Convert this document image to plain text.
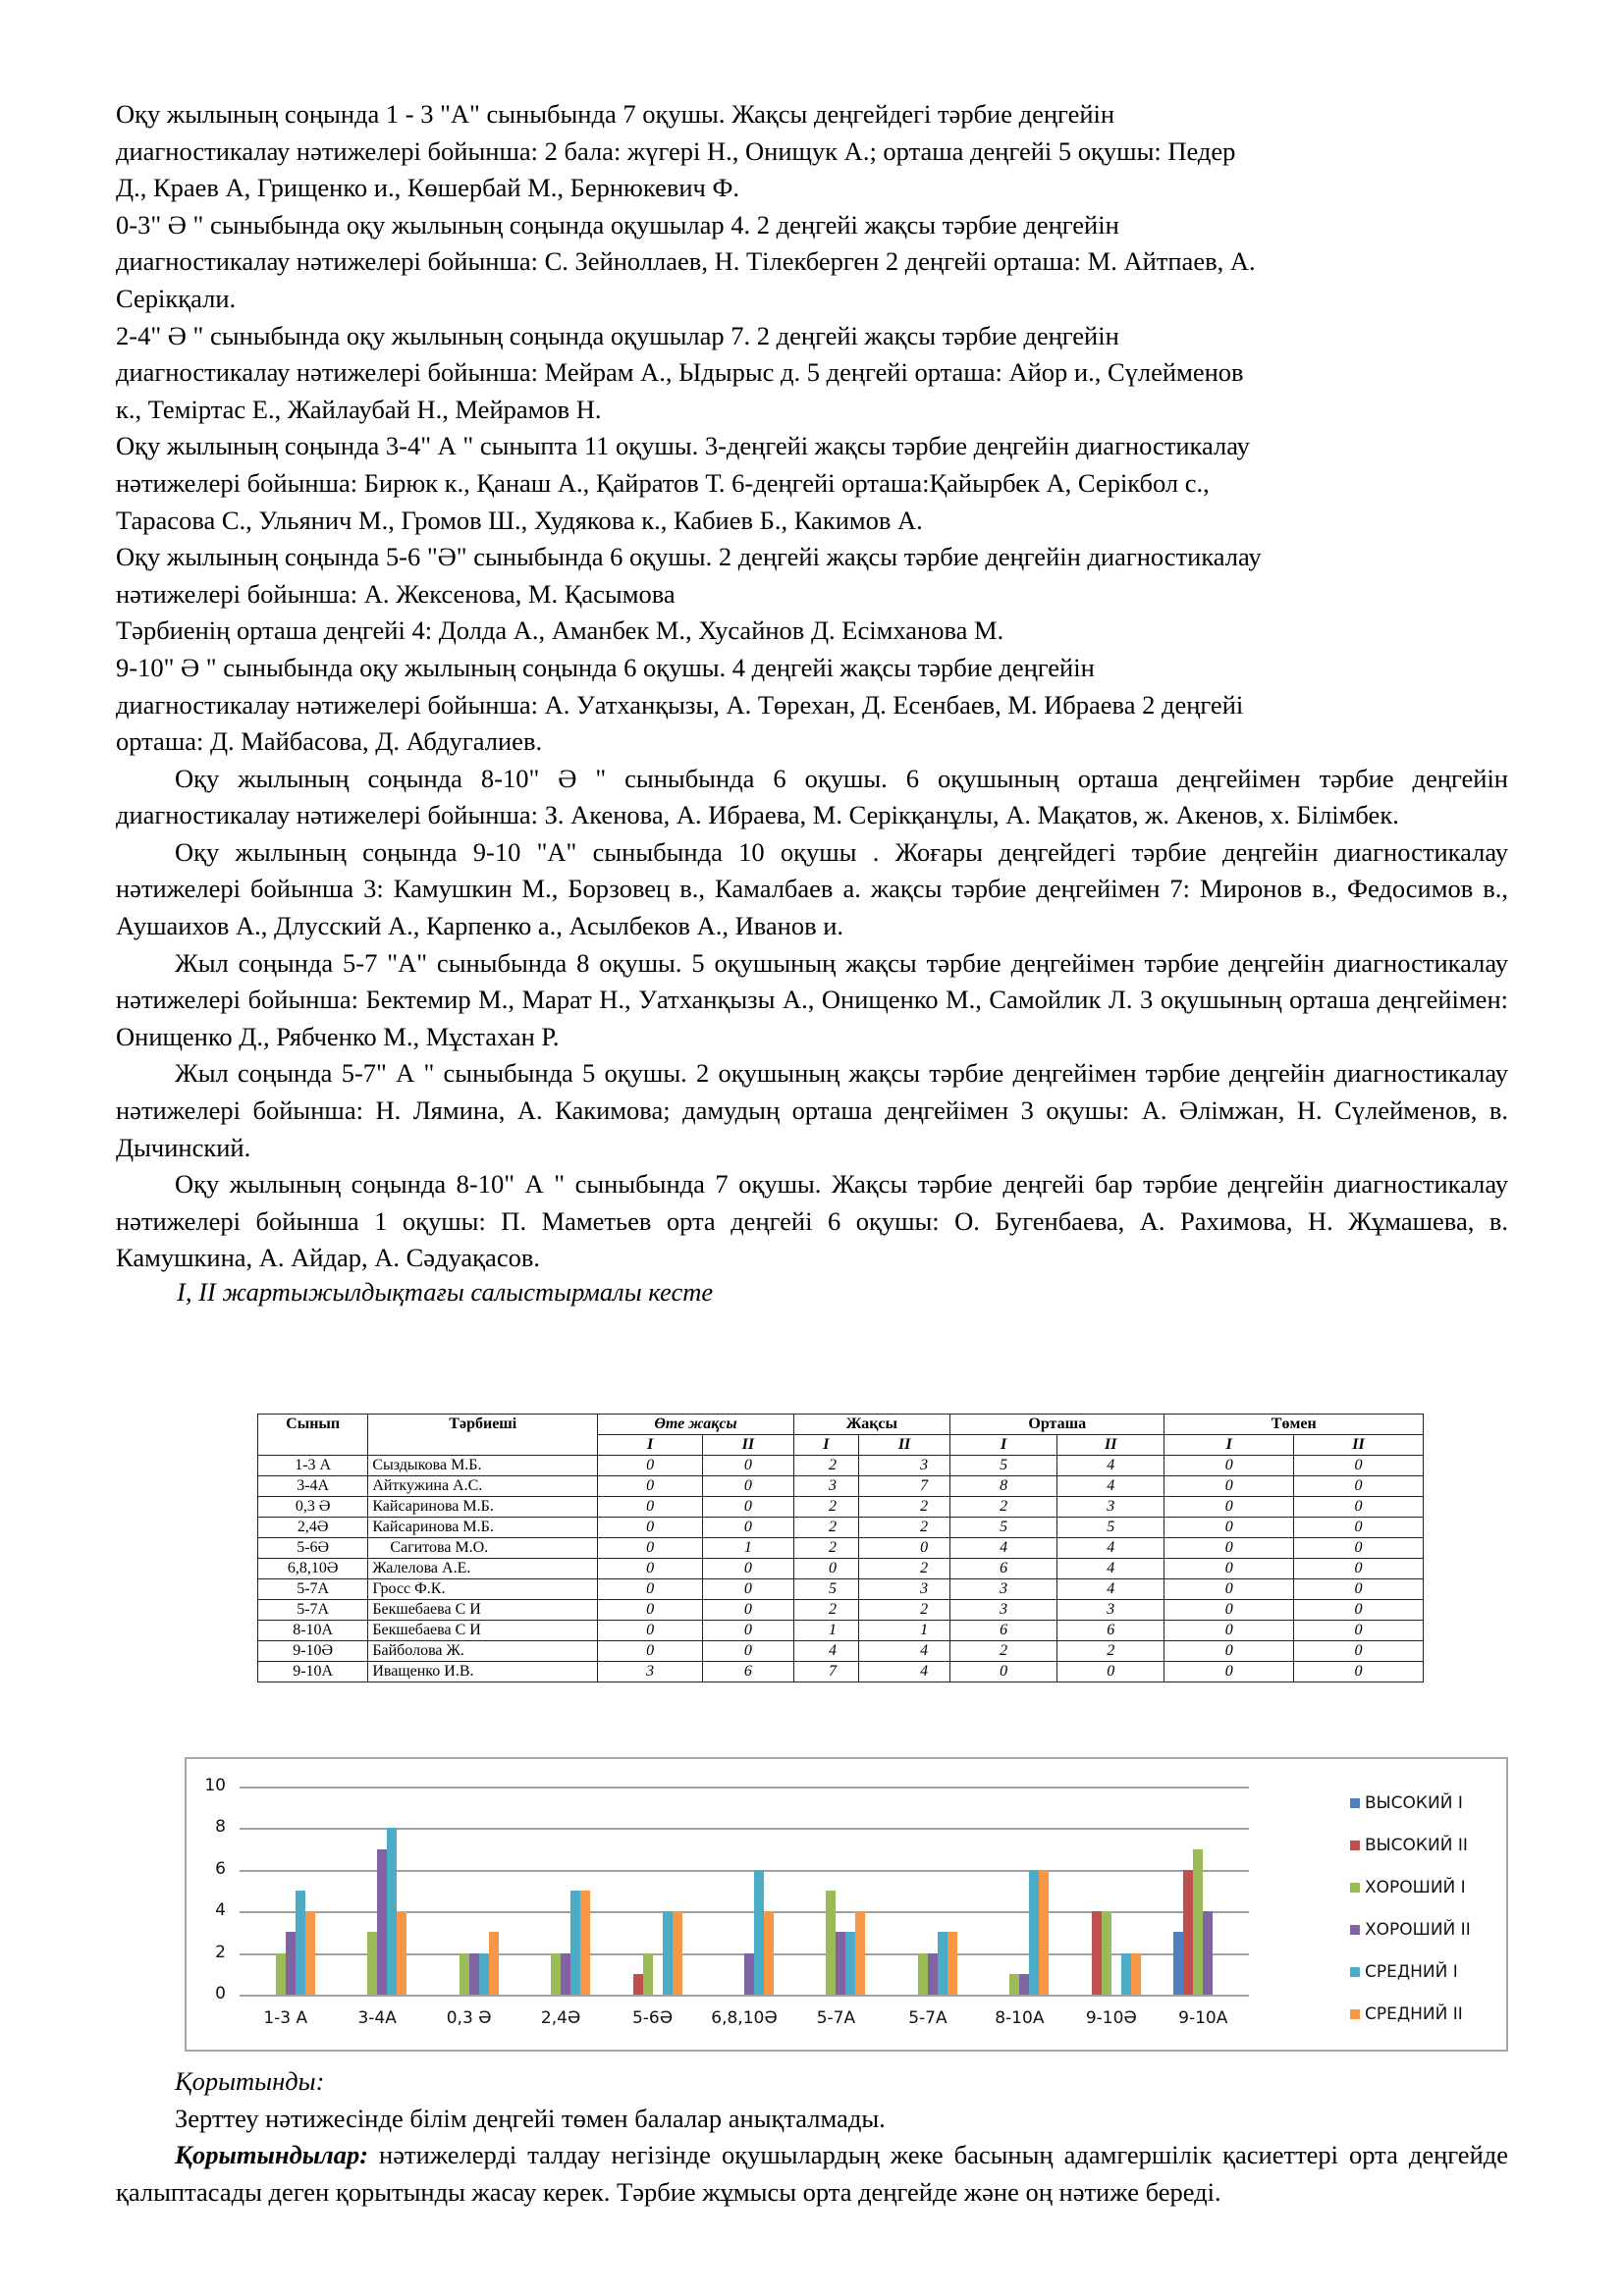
Оқу жылының соңында 1 - 3 "А" сыныбында 7 оқушы. Жақсы деңгейдегі тәрбие деңгейін
диагностикалау нәтижелері бойынша: 2 бала: жүгері Н., Онищук А.; орташа деңгейі 5 оқушы: Педер
Д., Краев А, Грищенко и., Көшербай М., Бернюкевич Ф.

0-3" Ә " сыныбында оқу жылының соңында оқушылар 4. 2 деңгейі жақсы тәрбие деңгейін
диагностикалау нәтижелері бойынша: С. Зейноллаев, Н. Тілекберген 2 деңгейі орташа: М. Айтпаев, А.
Серікқали.

2-4" Ә " сыныбында оқу жылының соңында оқушылар 7. 2 деңгейі жақсы тәрбие деңгейін
диагностикалау нәтижелері бойынша: Мейрам А., Ыдырыс д. 5 деңгейі орташа: Айор и., Сүлейменов
к., Теміртас Е., Жайлаубай Н., Мейрамов Н.

Оқу жылының соңында 3-4" А " сыныпта 11 оқушы. 3-деңгейі жақсы тәрбие деңгейін диагностикалау
нәтижелері бойынша: Бирюк к., Қанаш А., Қайратов Т. 6-деңгейі орташа:Қайырбек А, Серікбол с.,
Тарасова С., Ульянич М., Громов Ш., Худякова к., Кабиев Б., Какимов А.

Оқу жылының соңында 5-6 "Ә" сыныбында 6 оқушы. 2 деңгейі жақсы тәрбие деңгейін диагностикалау
нәтижелері бойынша: А. Жексенова, М. Қасымова

Тәрбиенің орташа деңгейі 4: Долда А., Аманбек М., Хусайнов Д. Есімханова М.

9-10" Ә " сыныбында оқу жылының соңында 6 оқушы. 4 деңгейі жақсы тәрбие деңгейін
диагностикалау нәтижелері бойынша: А. Уатханқызы, А. Төрехан, Д. Есенбаев, М. Ибраева 2 деңгейі
орташа: Д. Майбасова, Д. Абдугалиев.

Оқу жылының соңында 8-10" Ә " сыныбында 6 оқушы. 6 оқушының орташа деңгейімен тәрбие деңгейін диагностикалау нәтижелері бойынша: З. Акенова, А. Ибраева, М. Серікқанұлы, А. Мақатов, ж. Акенов, х. Білімбек.

Оқу жылының соңында 9-10 "А" сыныбында 10 оқушы . Жоғары деңгейдегі тәрбие деңгейін диагностикалау нәтижелері бойынша 3: Камушкин М., Борзовец в., Камалбаев а. жақсы тәрбие деңгейімен 7: Миронов в., Федосимов в., Аушаихов А., Длусский А., Карпенко а., Асылбеков А., Иванов и.

Жыл соңында 5-7 "А" сыныбында 8 оқушы. 5 оқушының жақсы тәрбие деңгейімен тәрбие деңгейін диагностикалау нәтижелері бойынша: Бектемир М., Марат Н., Уатханқызы А., Онищенко М., Самойлик Л. 3 оқушының орташа деңгейімен: Онищенко Д., Рябченко М., Мұстахан Р.

Жыл соңында 5-7" А " сыныбында 5 оқушы. 2 оқушының жақсы тәрбие деңгейімен тәрбие деңгейін диагностикалау нәтижелері бойынша: Н. Лямина, А. Какимова; дамудың орташа деңгейімен 3 оқушы: А. Әлімжан, Н. Сүлейменов, в. Дычинский.

Оқу жылының соңында 8-10" А " сыныбында 7 оқушы. Жақсы тәрбие деңгейі бар тәрбие деңгейін диагностикалау нәтижелері бойынша 1 оқушы: П. Маметьев орта деңгейі 6 оқушы: О. Бугенбаева, А. Рахимова, Н. Жұмашева, в. Камушкина, А. Айдар, А. Сәдуақасов.

I, II жартыжылдықтағы салыстырмалы кесте

Сынып	Тәрбиеші	Өте жақсы		Жақсы		Орташа		Төмен	
		I	II	I	II	I	II	I	II
1-3 А	Сыздыкова М.Б.	0	0	2	3	5	4	0	0
3-4А	Айткужина А.С.	0	0	3	7	8	4	0	0
0,3 Ә	Кайсаринова М.Б.	0	0	2	2	2	3	0	0
2,4Ә	Кайсаринова М.Б.	0	0	2	2	5	5	0	0
5-6Ә	Сагитова М.О.	0	1	2	0	4	4	0	0
6,8,10Ә	Жалелова А.Е.	0	0	0	2	6	4	0	0
5-7А	Гросс Ф.К.	0	0	5	3	3	4	0	0
5-7А	Бекшебаева С И	0	0	2	2	3	3	0	0
8-10А	Бекшебаева С И	0	0	1	1	6	6	0	0
9-10Ә	Байболова Ж.	0	0	4	4	2	2	0	0
9-10А	Иващенко И.В.	3	6	7	4	0	0	0	0
0
2
4
6
8
10
1-3 А	3-4А	0,3 Ә	2,4Ә	5-6Ә	6,8,10Ә	5-7А	5-7А	8-10А	9-10Ә	9-10А
ВЫСОКИЙ I
ВЫСОКИЙ II
ХОРОШИЙ I
ХОРОШИЙ II
СРЕДНИЙ I
СРЕДНИЙ II

Қорытынды:

Зерттеу нәтижесінде білім деңгейі төмен балалар анықталмады.

Қорытындылар: нәтижелерді талдау негізінде оқушылардың жеке басының адамгершілік қасиеттері орта деңгейде қалыптасады деген қорытынды жасау керек. Тәрбие жұмысы орта деңгейде және оң нәтиже береді.
